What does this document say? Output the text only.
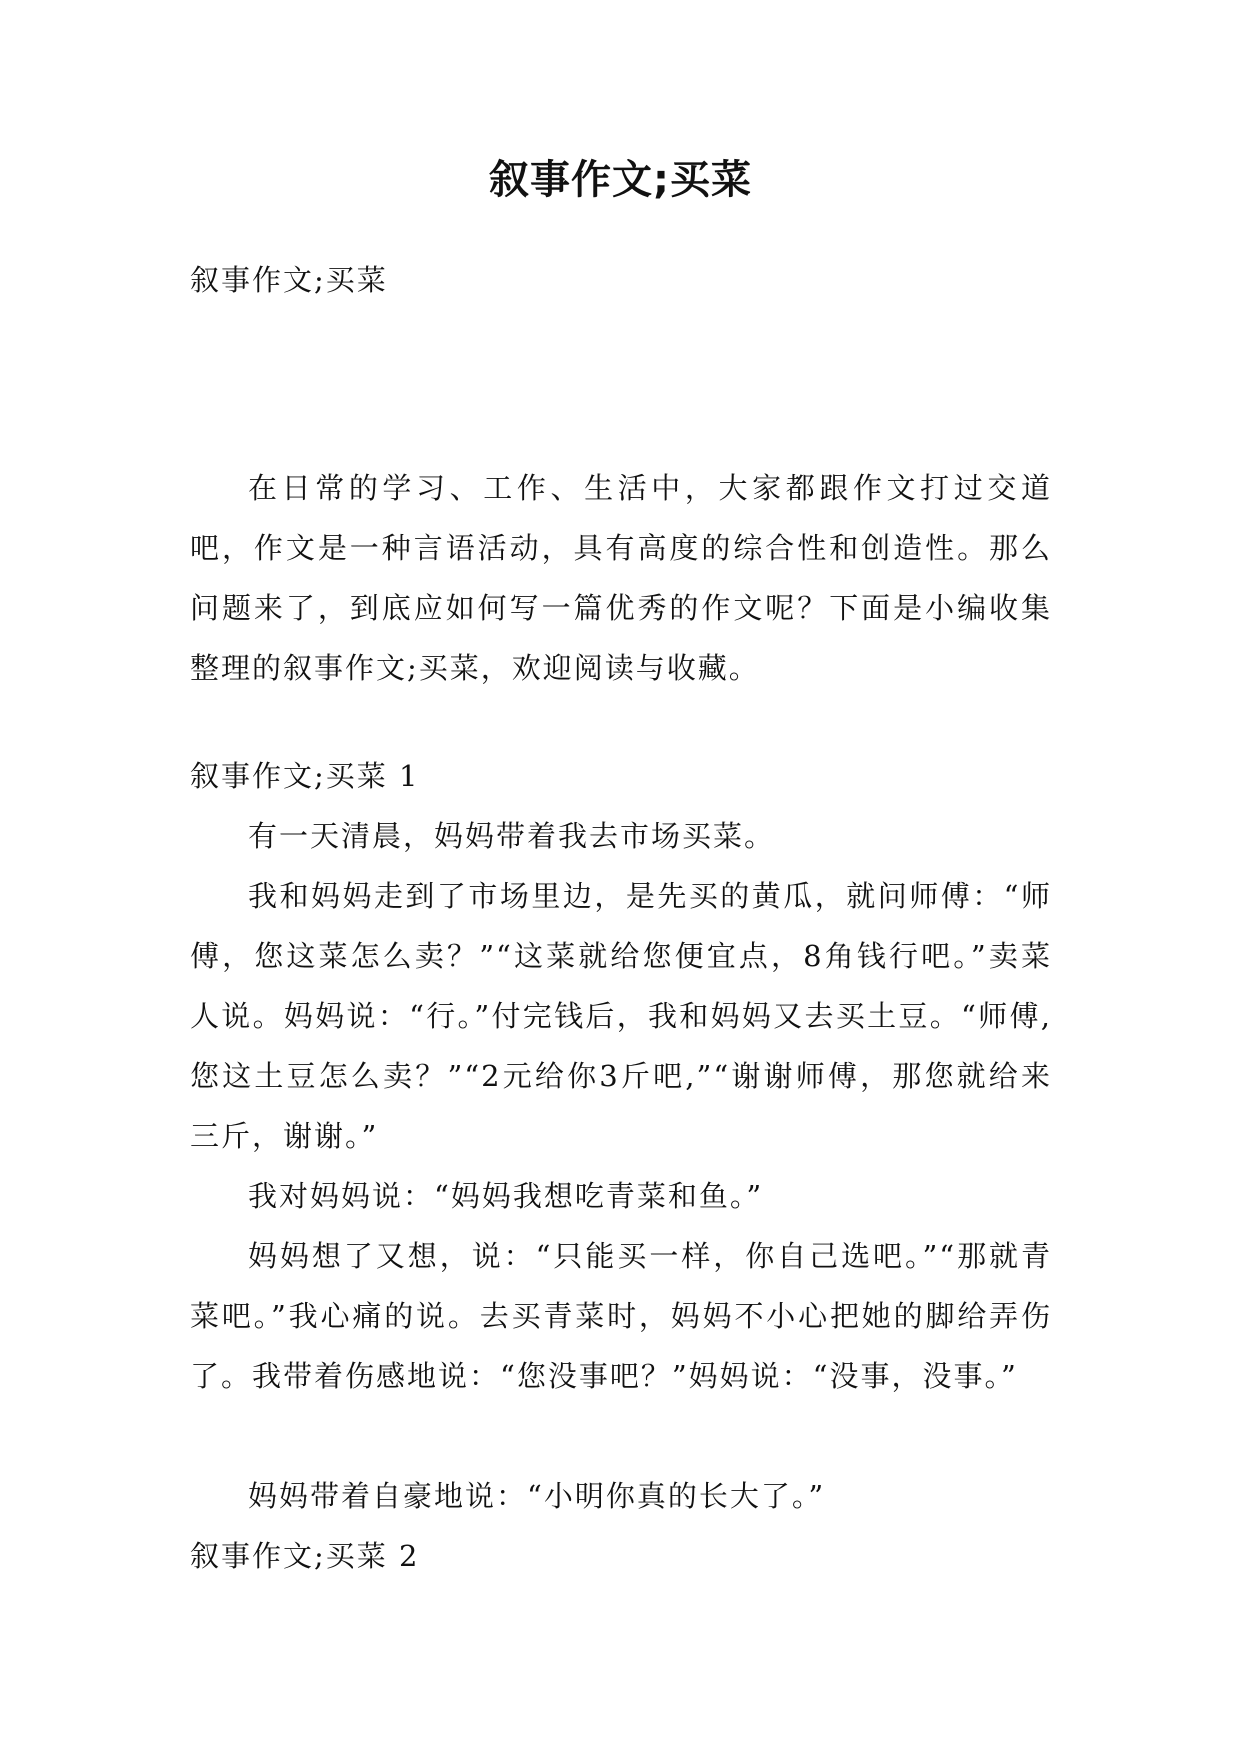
叙事作文;买菜

叙事作文;买菜

在日常的学习、工作、生活中，大家都跟作文打过交道吧，作文是一种言语活动，具有高度的综合性和创造性。那么问题来了，到底应如何写一篇优秀的作文呢？下面是小编收集整理的叙事作文;买菜，欢迎阅读与收藏。

叙事作文;买菜 1

有一天清晨，妈妈带着我去市场买菜。

我和妈妈走到了市场里边，是先买的黄瓜，就问师傅：“师傅，您这菜怎么卖？”“这菜就给您便宜点，8角钱行吧。”卖菜人说。妈妈说：“行。”付完钱后，我和妈妈又去买土豆。“师傅,您这土豆怎么卖？”“2元给你3斤吧,”“谢谢师傅，那您就给来三斤，谢谢。”

我对妈妈说：“妈妈我想吃青菜和鱼。”

妈妈想了又想，说：“只能买一样，你自己选吧。”“那就青菜吧。”我心痛的说。去买青菜时，妈妈不小心把她的脚给弄伤了。我带着伤感地说：“您没事吧？”妈妈说：“没事，没事。”

妈妈带着自豪地说：“小明你真的长大了。”

叙事作文;买菜 2
